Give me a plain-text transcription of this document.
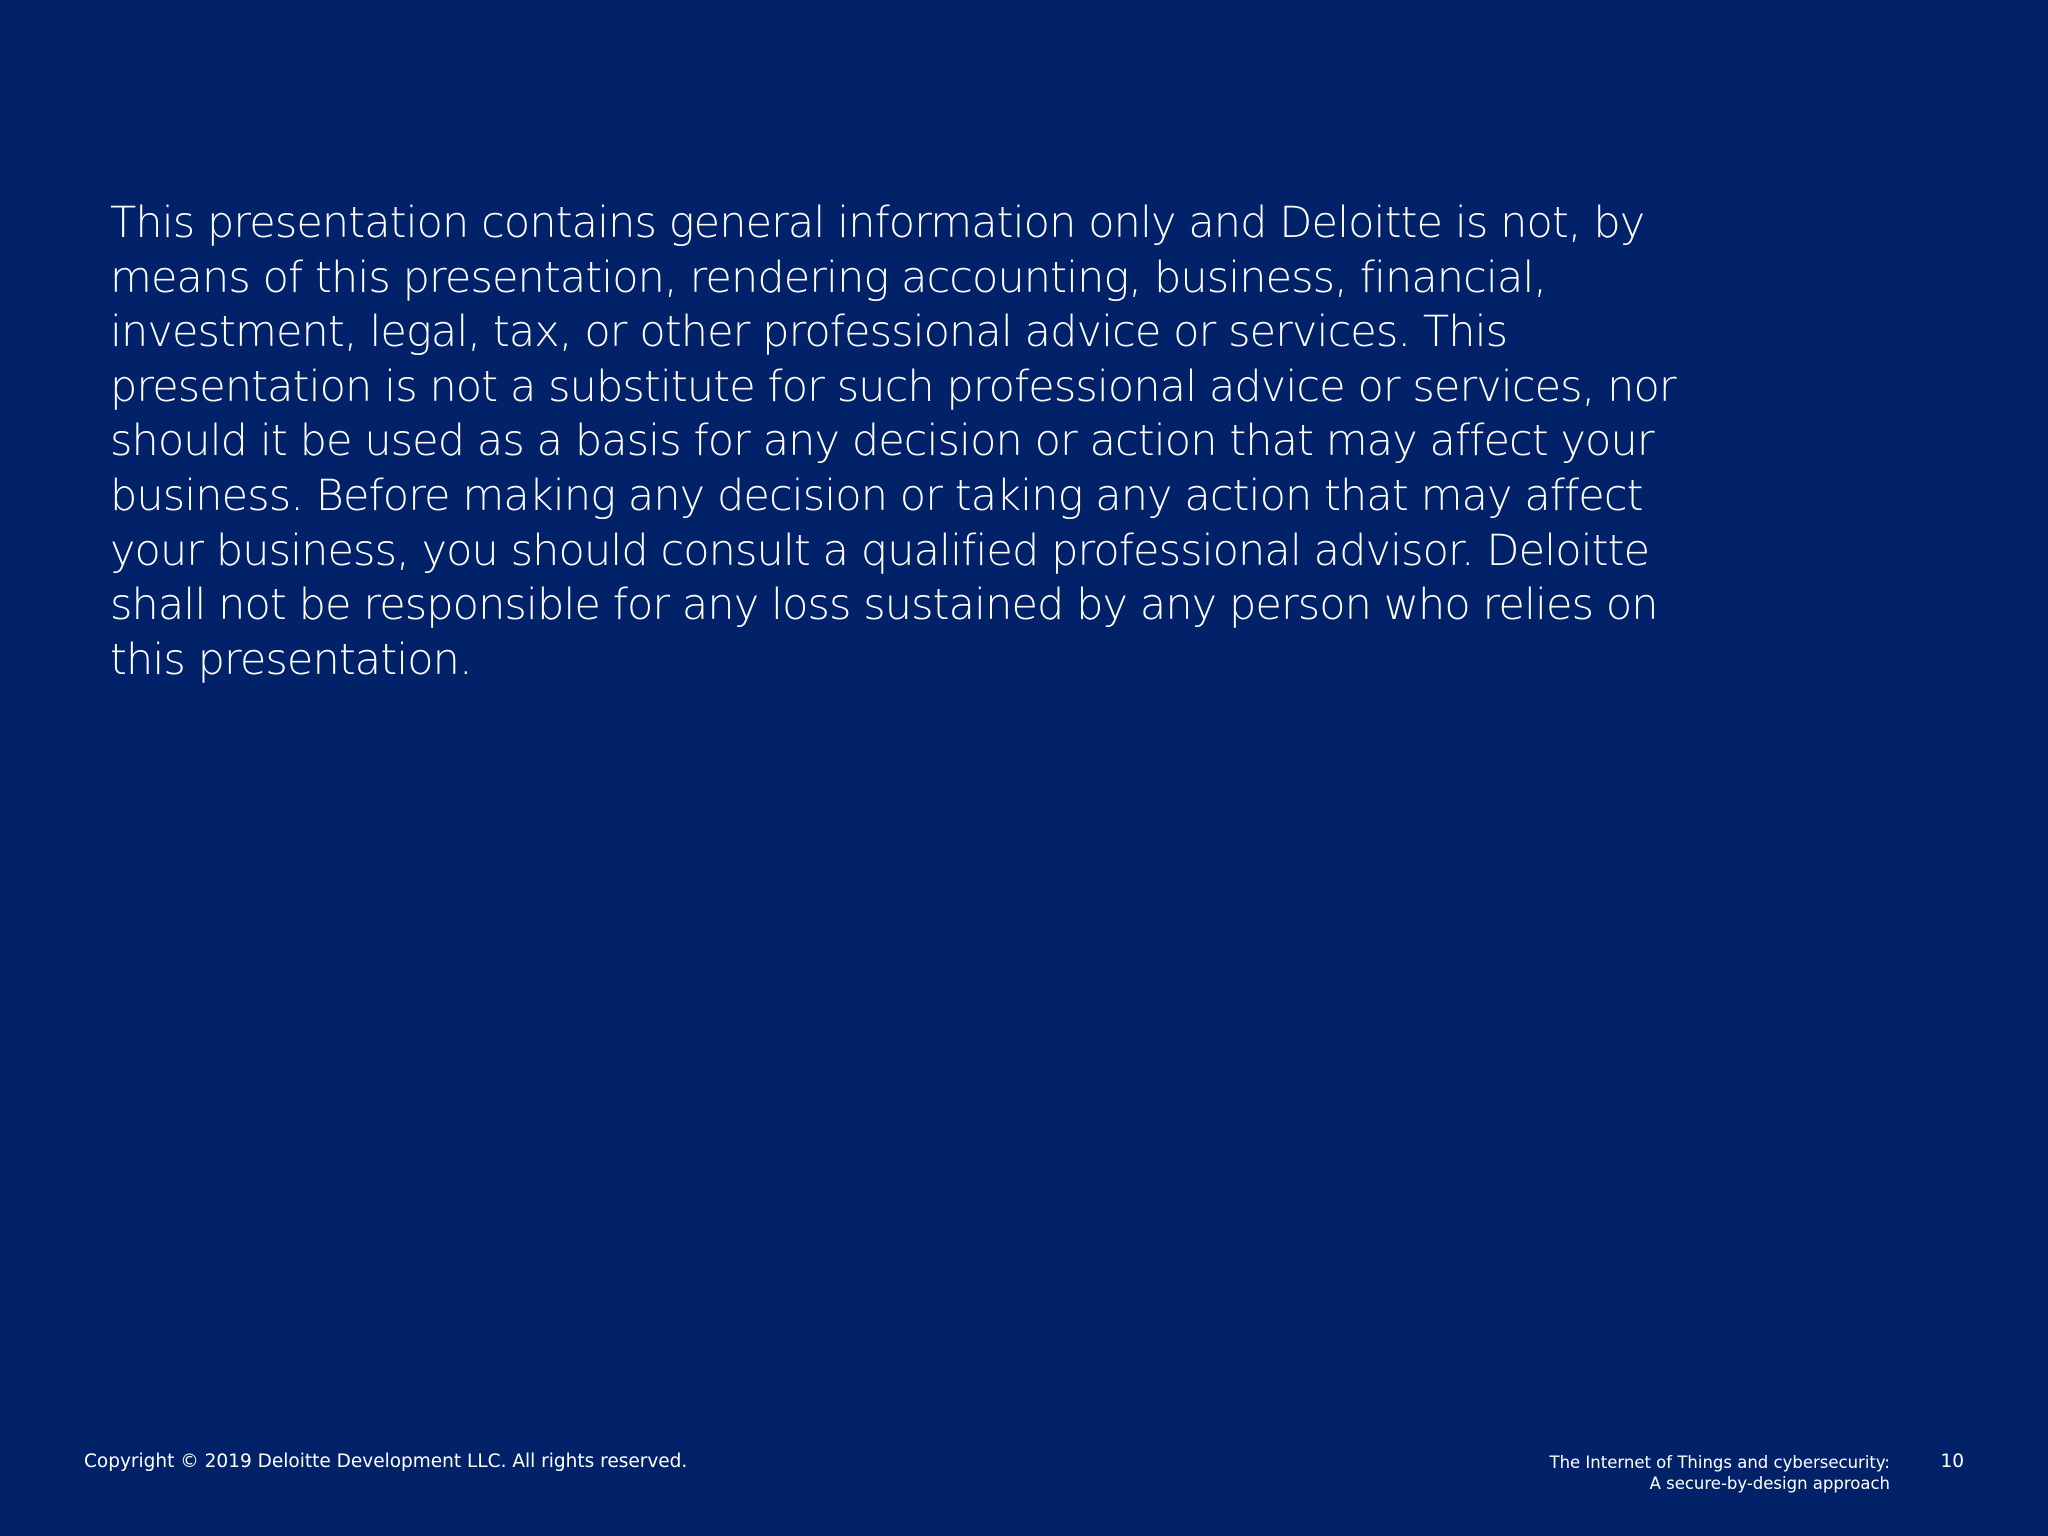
This presentation contains general information only and Deloitte is not, by means of this presentation, rendering accounting, business, financial, investment, legal, tax, or other professional advice or services. This presentation is not a substitute for such professional advice or services, nor should it be used as a basis for any decision or action that may affect your business. Before making any decision or taking any action that may affect your business, you should consult a qualified professional advisor. Deloitte shall not be responsible for any loss sustained by any person who relies on this presentation.

Copyright © 2019 Deloitte Development LLC. All rights reserved.	The Internet of Things and cybersecurity:
A secure-by-design approach
10
